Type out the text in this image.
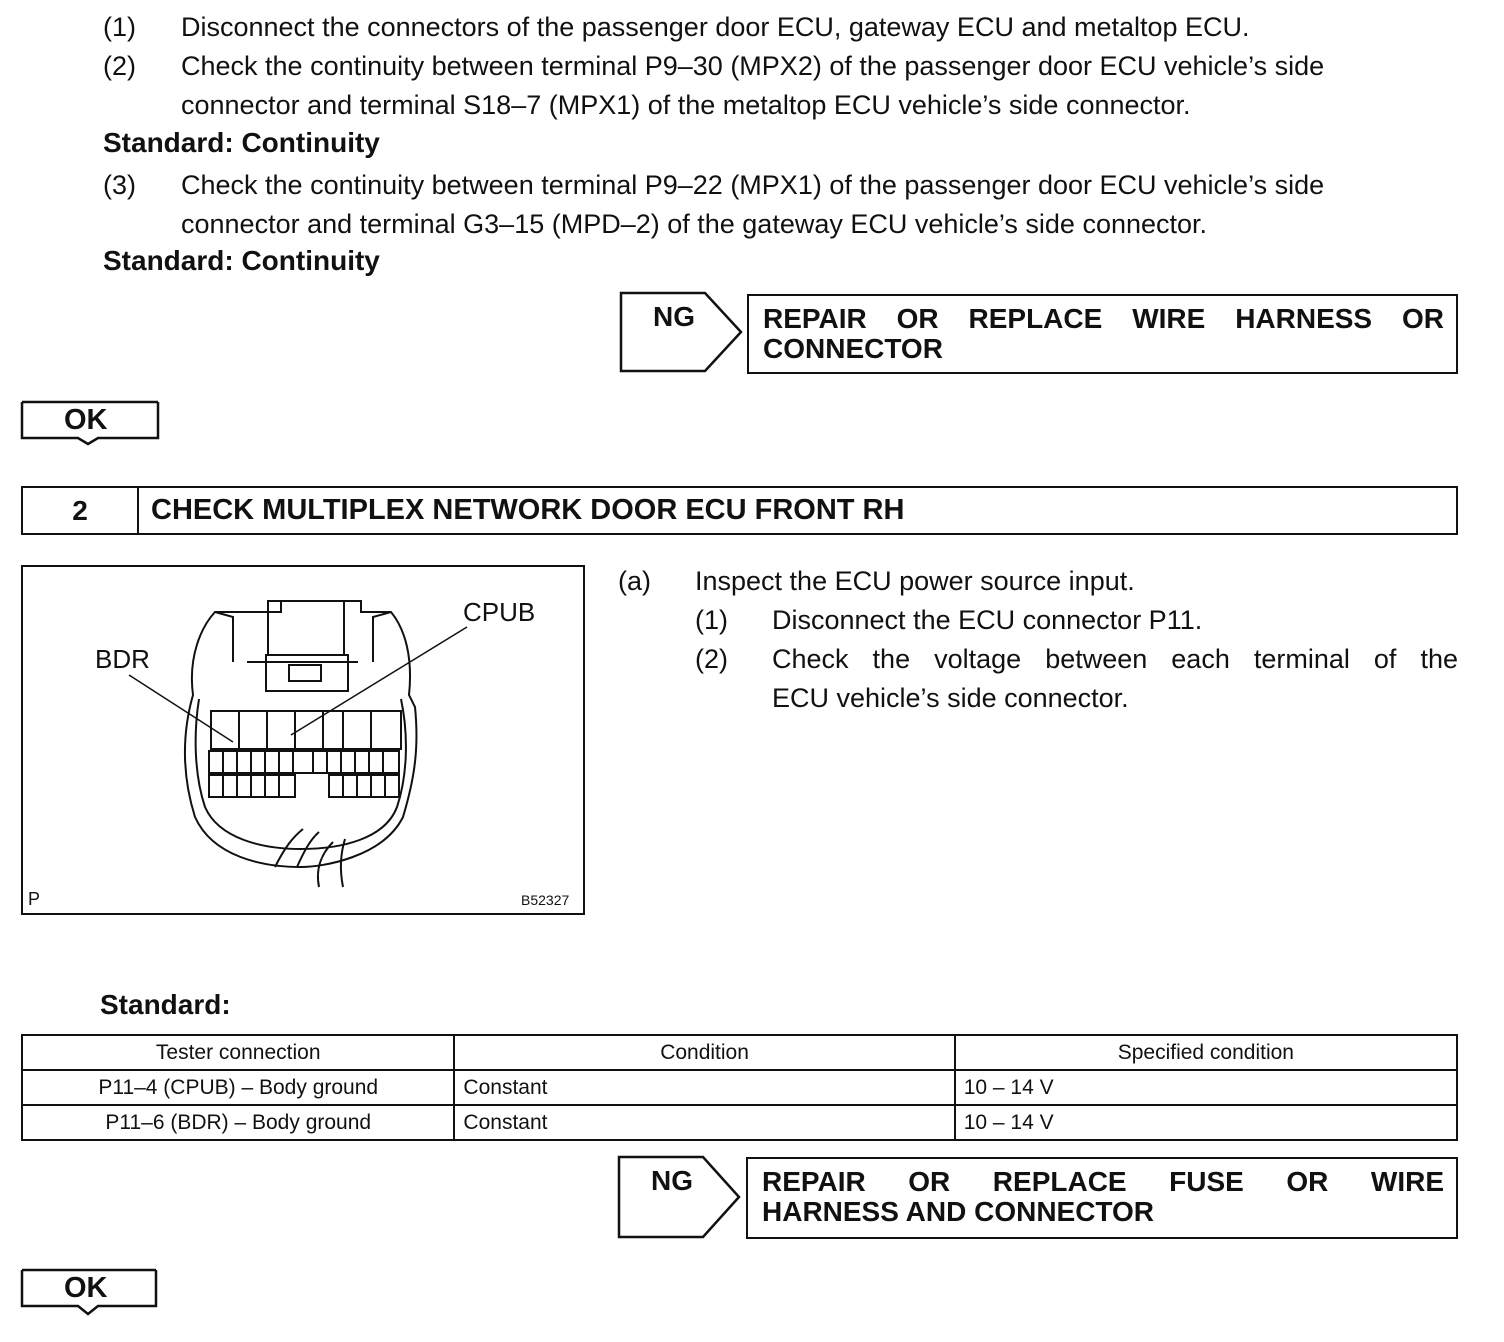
(1) Disconnect the connectors of the passenger door ECU, gateway ECU and metaltop ECU.
(2) Check the continuity between terminal P9–30 (MPX2) of the passenger door ECU vehicle’s side
connector and terminal S18–7 (MPX1) of the metaltop ECU vehicle’s side connector.
Standard: Continuity
(3) Check the continuity between terminal P9–22 (MPX1) of the passenger door ECU vehicle’s side
connector and terminal G3–15 (MPD–2) of the gateway ECU vehicle’s side connector.
Standard: Continuity
NG REPAIR OR REPLACE WIRE HARNESS OR
CONNECTOR
OK
2	CHECK MULTIPLEX NETWORK DOOR ECU FRONT RH
CPUB
BDR
P	B52327
(a) Inspect the ECU power source input.
(1) Disconnect the ECU connector P11.
(2) Check the voltage between each terminal of the
ECU vehicle’s side connector.
Standard:
Tester connection	Condition	Specified condition
P11–4 (CPUB) – Body ground	Constant	10 – 14 V
P11–6 (BDR) – Body ground	Constant	10 – 14 V
NG REPAIR OR REPLACE FUSE OR WIRE
HARNESS AND CONNECTOR
OK
